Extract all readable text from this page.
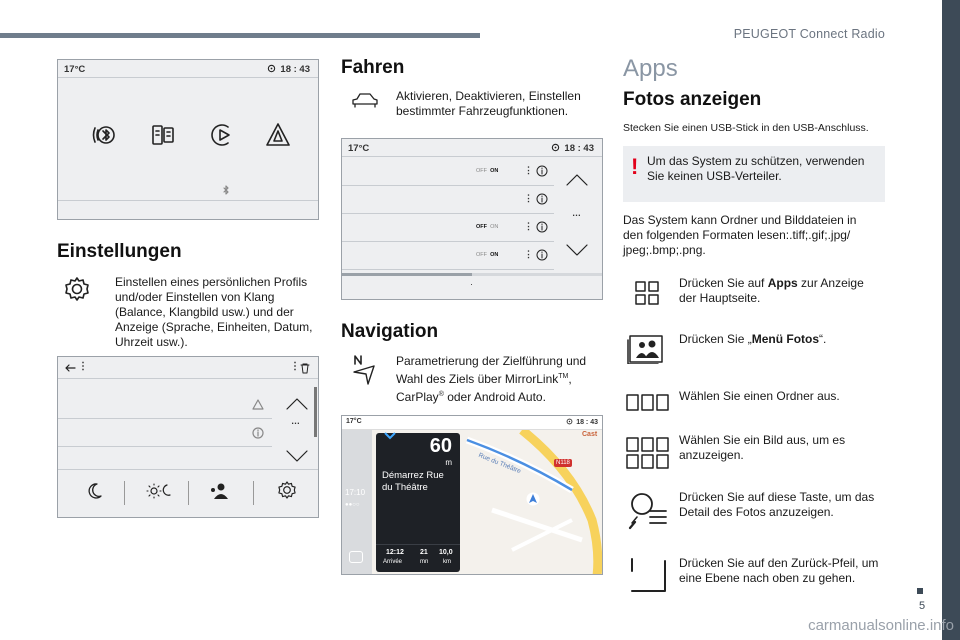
PEUGEOT Connect Radio
5
carmanualsonline.info
17°C	18 : 43
Einstellungen

Einstellen eines persönlichen Profils und/oder Einstellen von Klang (Balance, Klangbild usw.) und der Anzeige (Sprache, Einheiten, Datum, Uhrzeit usw.).

⋮	⋮
…
Fahren

Aktivieren, Deaktivieren, Einstellen bestimmter Fahrzeugfunktionen.

17°C	18 : 43
OFF ON	⋮
⋮
OFF ON	⋮
OFF ON	⋮
…
·
Navigation

Parametrierung der Zielführung und Wahl des Ziels über MirrorLink™, CarPlay® oder Android Auto.

17°C	18 : 43
17:10
●●○○
Rue du Théâtre	N118
Cast
60
m

Démarrez Rue du Théâtre

12:12
Arrivée
21
mn
10,0
km
Apps
Fotos anzeigen

Stecken Sie einen USB-Stick in den USB-Anschluss.

! Um das System zu schützen, verwenden Sie keinen USB-Verteiler.

Das System kann Ordner und Bilddateien in den folgenden Formaten lesen:.tiff;.gif;.jpg/ jpeg;.bmp;.png.

Drücken Sie auf Apps zur Anzeige der Hauptseite.

Drücken Sie „Menü Fotos“.

Wählen Sie einen Ordner aus.

Wählen Sie ein Bild aus, um es anzuzeigen.

Drücken Sie auf diese Taste, um das Detail des Fotos anzuzeigen.

Drücken Sie auf den Zurück-Pfeil, um eine Ebene nach oben zu gehen.
